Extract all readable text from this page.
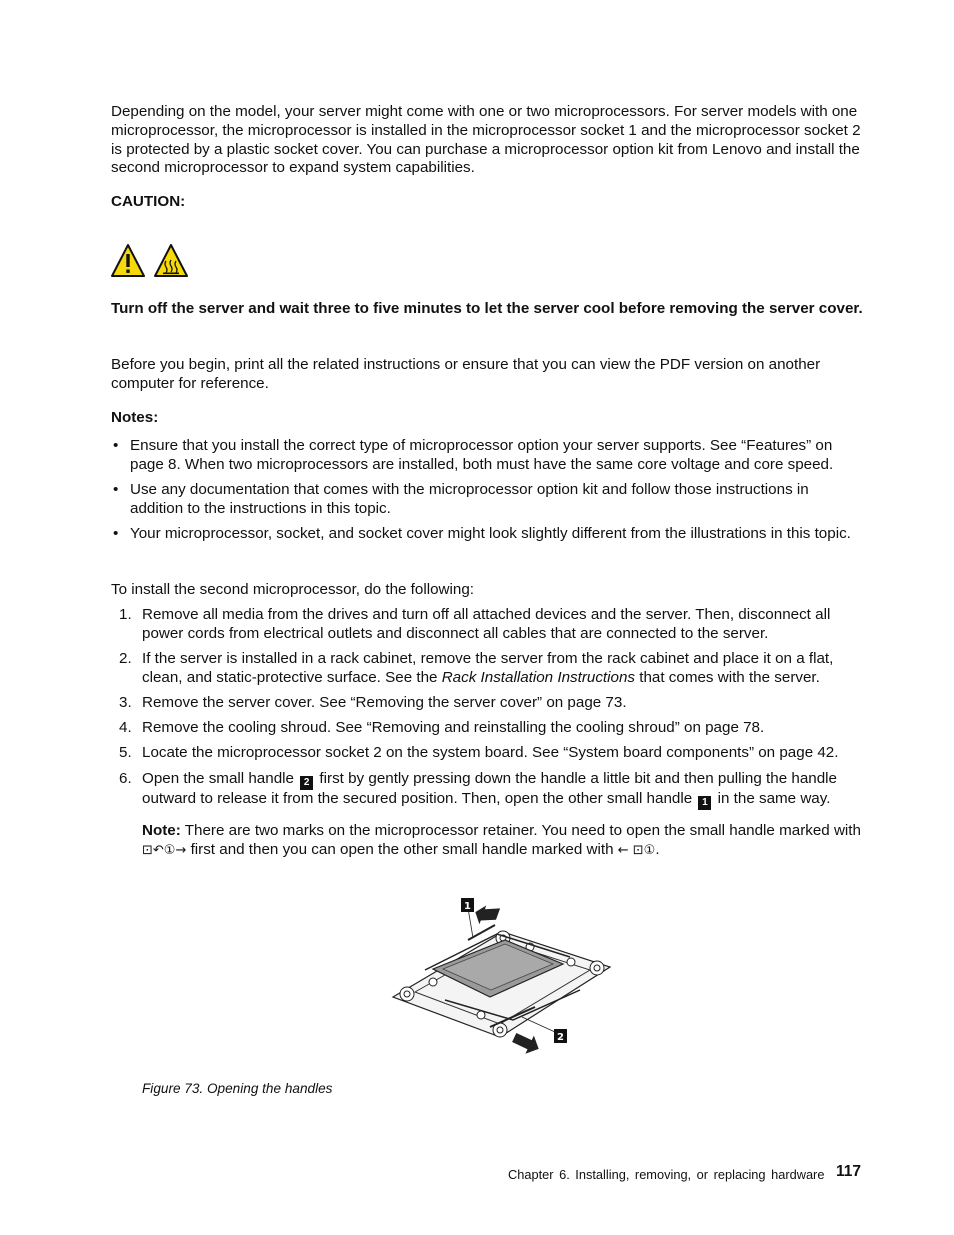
Depending on the model, your server might come with one or two microprocessors. For server models with one microprocessor, the microprocessor is installed in the microprocessor socket 1 and the microprocessor socket 2 is protected by a plastic socket cover. You can purchase a microprocessor option kit from Lenovo and install the second microprocessor to expand system capabilities.
CAUTION:
Turn off the server and wait three to five minutes to let the server cool before removing the server cover.
Before you begin, print all the related instructions or ensure that you can view the PDF version on another computer for reference.
Notes:
• Ensure that you install the correct type of microprocessor option your server supports. See “Features” on page 8. When two microprocessors are installed, both must have the same core voltage and core speed.
• Use any documentation that comes with the microprocessor option kit and follow those instructions in addition to the instructions in this topic.
• Your microprocessor, socket, and socket cover might look slightly different from the illustrations in this topic.
To install the second microprocessor, do the following:
1. Remove all media from the drives and turn off all attached devices and the server. Then, disconnect all power cords from electrical outlets and disconnect all cables that are connected to the server.
2. If the server is installed in a rack cabinet, remove the server from the rack cabinet and place it on a flat, clean, and static-protective surface. See the Rack Installation Instructions that comes with the server.
3. Remove the server cover. See “Removing the server cover” on page 73.
4. Remove the cooling shroud. See “Removing and reinstalling the cooling shroud” on page 78.
5. Locate the microprocessor socket 2 on the system board. See “System board components” on page 42.
6. Open the small handle 2 first by gently pressing down the handle a little bit and then pulling the handle outward to release it from the secured position. Then, open the other small handle 1 in the same way.
Note: There are two marks on the microprocessor retainer. You need to open the small handle marked with ⊡↶①→ first and then you can open the other small handle marked with ← ⊡①.
1
2
Figure 73. Opening the handles
Chapter 6. Installing, removing, or replacing hardware 117
